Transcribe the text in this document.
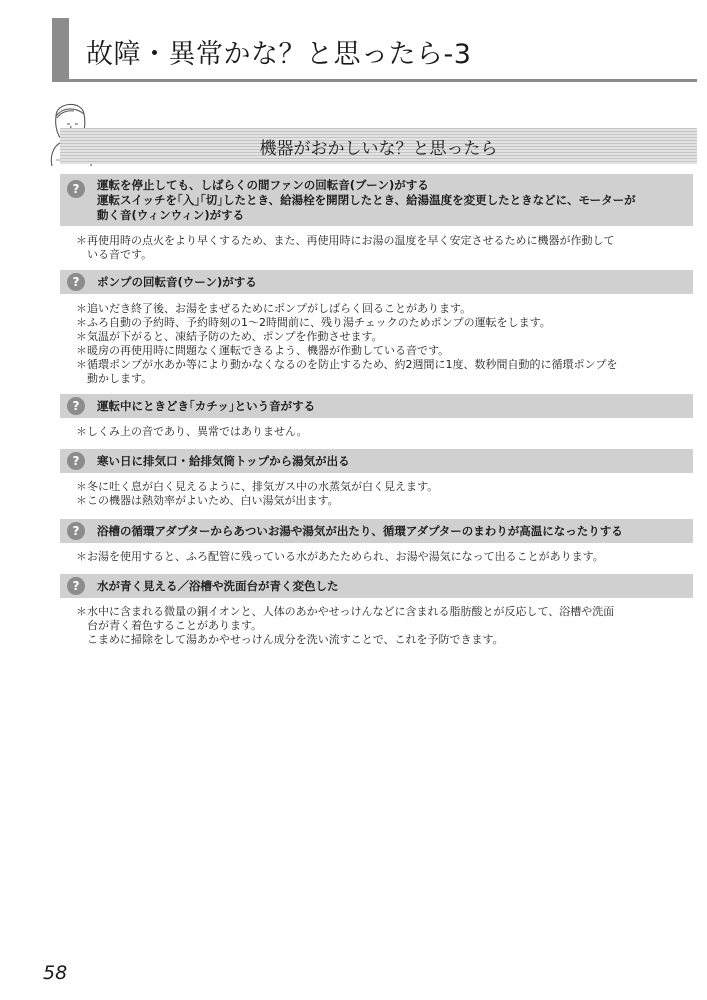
故障・異常かな？と思ったら-3
機器がおかしいな？と思ったら
?	運転を停止しても、しばらくの間ファンの回転音(ブーン)がする
運転スイッチを｢入｣｢切｣したとき、給湯栓を開閉したとき、給湯温度を変更したときなどに、モーターが
動く音(ウィンウィン)がする
＊再使用時の点火をより早くするため、また、再使用時にお湯の温度を早く安定させるために機器が作動して
　いる音です。
?	ポンプの回転音(ウーン)がする
＊追いだき終了後、お湯をまぜるためにポンプがしばらく回ることがあります。
＊ふろ自動の予約時、予約時刻の1～2時間前に、残り湯チェックのためポンプの運転をします。
＊気温が下がると、凍結予防のため、ポンプを作動させます。
＊暖房の再使用時に問題なく運転できるよう、機器が作動している音です。
＊循環ポンプが水あか等により動かなくなるのを防止するため、約2週間に1度、数秒間自動的に循環ポンプを
　動かします。
?	運転中にときどき｢カチッ｣という音がする
＊しくみ上の音であり、異常ではありません。
?	寒い日に排気口・給排気筒トップから湯気が出る
＊冬に吐く息が白く見えるように、排気ガス中の水蒸気が白く見えます。
＊この機器は熱効率がよいため、白い湯気が出ます。
?	浴槽の循環アダプターからあついお湯や湯気が出たり、循環アダプターのまわりが高温になったりする
＊お湯を使用すると、ふろ配管に残っている水があたためられ、お湯や湯気になって出ることがあります。
?	水が青く見える／浴槽や洗面台が青く変色した
＊水中に含まれる微量の銅イオンと、人体のあかやせっけんなどに含まれる脂肪酸とが反応して、浴槽や洗面
　台が青く着色することがあります。
　こまめに掃除をして湯あかやせっけん成分を洗い流すことで、これを予防できます。
58
